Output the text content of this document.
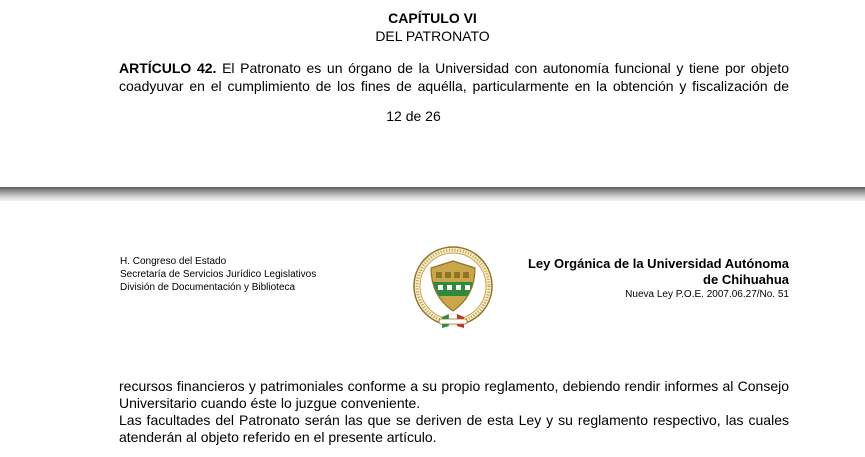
CAPÍTULO VI
DEL PATRONATO
ARTÍCULO 42. El Patronato es un órgano de la Universidad con autonomía funcional y tiene por objeto coadyuvar en el cumplimiento de los fines de aquélla, particularmente en la obtención y fiscalización de
12 de 26
H. Congreso del Estado
Secretaría de Servicios Jurídico Legislativos
División de Documentación y Biblioteca
Ley Orgánica de la Universidad Autónoma
de Chihuahua
Nueva Ley P.O.E. 2007.06.27/No. 51
recursos financieros y patrimoniales conforme a su propio reglamento, debiendo rendir informes al Consejo Universitario cuando éste lo juzgue conveniente.
Las facultades del Patronato serán las que se deriven de esta Ley y su reglamento respectivo, las cuales atenderán al objeto referido en el presente artículo.
